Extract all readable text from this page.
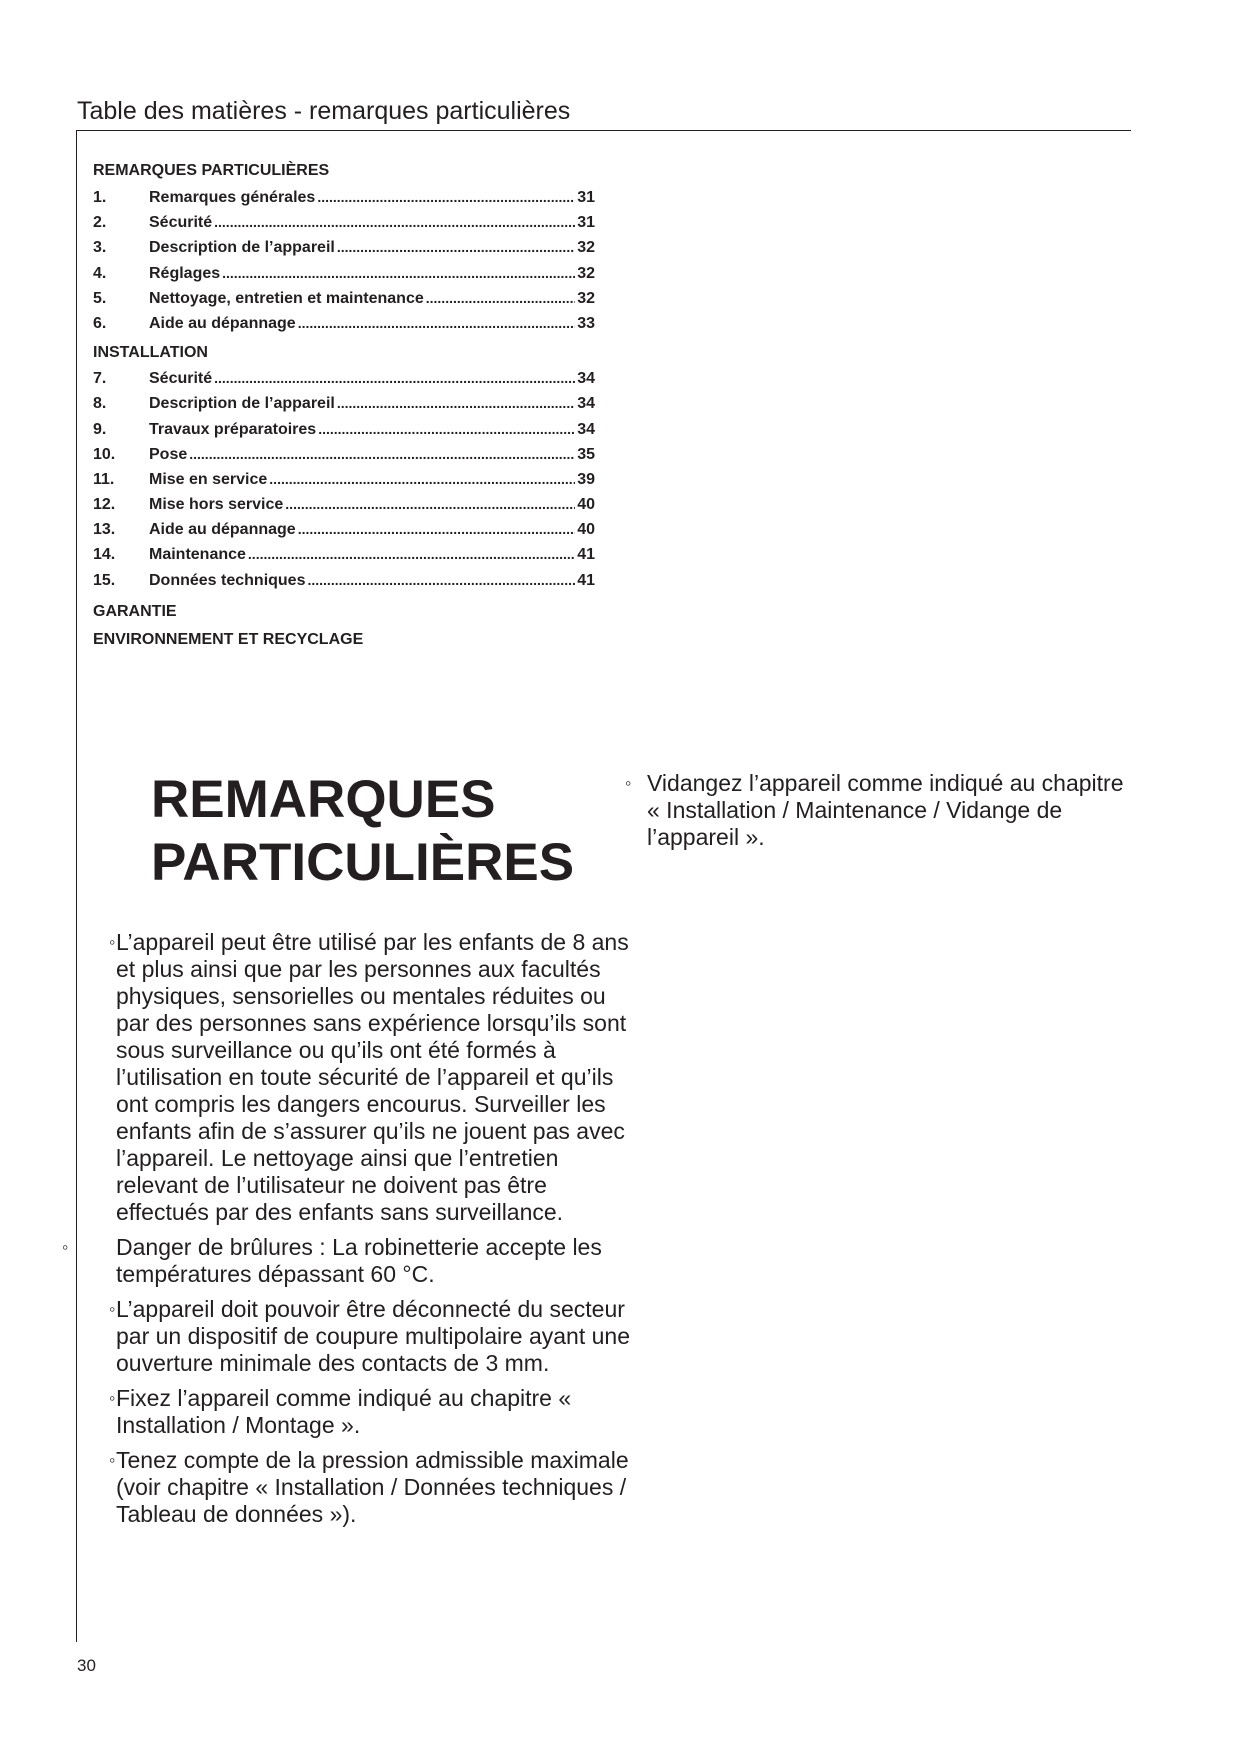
Table des matières - remarques particulières
REMARQUES PARTICULIÈRES
1.	Remarques générales .....	31
2.	Sécurité .....	31
3.	Description de l’appareil .....	32
4.	Réglages .....	32
5.	Nettoyage, entretien et maintenance .....	32
6.	Aide au dépannage .....	33
INSTALLATION
7.	Sécurité .....	34
8.	Description de l’appareil .....	34
9.	Travaux préparatoires .....	34
10.	Pose .....	35
11.	Mise en service .....	39
12.	Mise hors service .....	40
13.	Aide au dépannage .....	40
14.	Maintenance .....	41
15.	Données techniques .....	41
GARANTIE
ENVIRONNEMENT ET RECYCLAGE
REMARQUES
PARTICULIÈRES
◦ L’appareil peut être utilisé par les enfants de 8 ans et plus ainsi que par les personnes aux facultés physiques, sensorielles ou mentales réduites ou par des personnes sans expérience lorsqu’ils sont sous surveillance ou qu’ils ont été formés à l’utilisation en toute sécurité de l’appareil et qu’ils ont compris les dangers encourus. Surveiller les enfants afin de s’assurer qu’ils ne jouent pas avec l’appareil. Le nettoyage ainsi que l’entretien relevant de l’utilisateur ne doivent pas être effectués par des enfants sans surveillance.
◦ Danger de brûlures : La robinetterie accepte les températures dépassant 60 °C.
◦ L’appareil doit pouvoir être déconnecté du secteur par un dispositif de coupure multipolaire ayant une ouverture minimale des contacts de 3 mm.
◦ Fixez l’appareil comme indiqué au chapitre « Installation / Montage ».
◦ Tenez compte de la pression admissible maximale (voir chapitre « Installation / Données techniques / Tableau de données »).
◦ Vidangez l’appareil comme indiqué au chapitre « Installation / Maintenance / Vidange de l’appareil ».
30
